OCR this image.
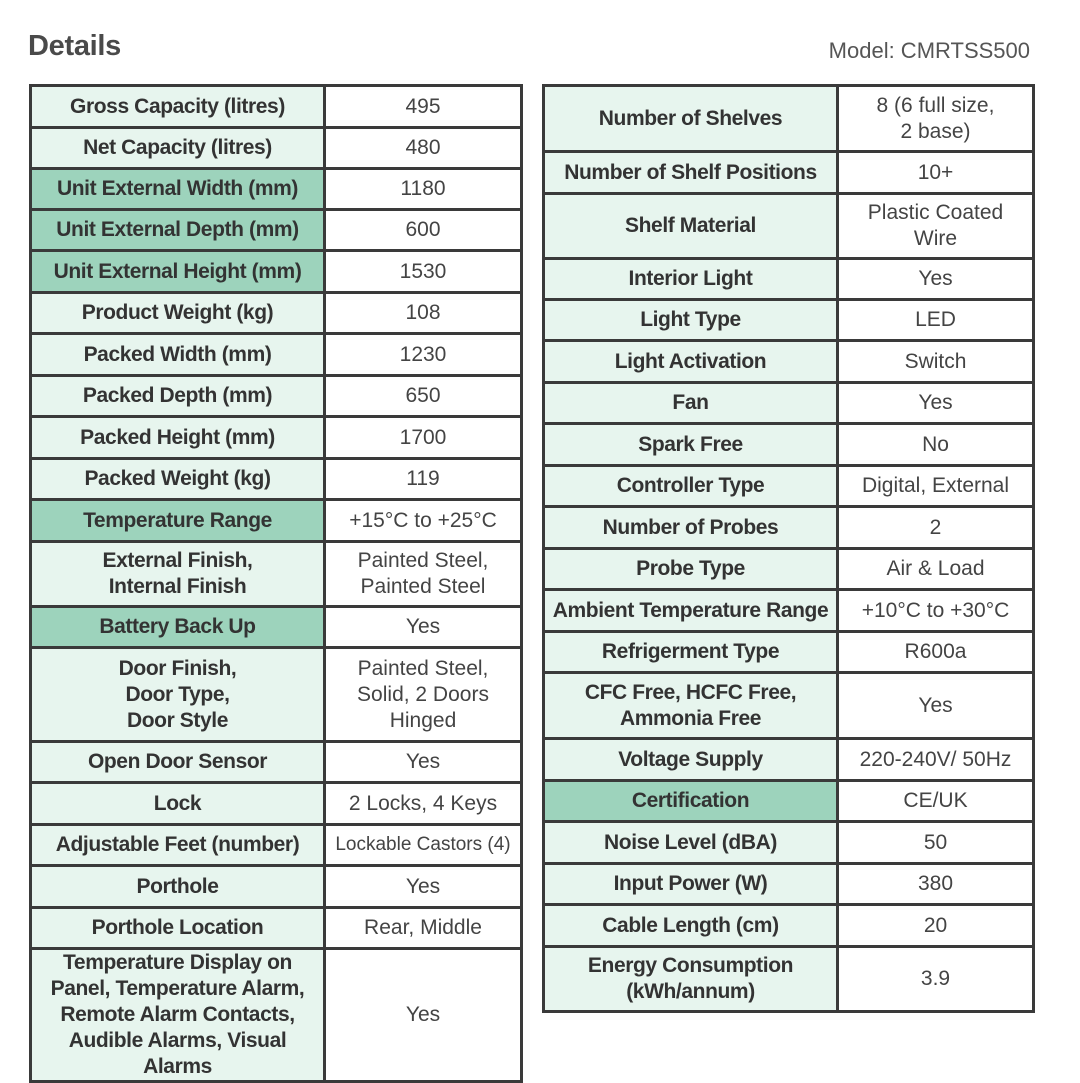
Details	Model: CMRTSS500
Gross Capacity (litres)	495
Net Capacity (litres)	480
Unit External Width (mm)	1180
Unit External Depth (mm)	600
Unit External Height (mm)	1530
Product Weight (kg)	108
Packed Width (mm)	1230
Packed Depth (mm)	650
Packed Height (mm)	1700
Packed Weight (kg)	119
Temperature Range	+15°C to +25°C
External Finish,
Internal Finish	Painted Steel,
Painted Steel
Battery Back Up	Yes
Door Finish,
Door Type,
Door Style	Painted Steel,
Solid, 2 Doors
Hinged
Open Door Sensor	Yes
Lock	2 Locks, 4 Keys
Adjustable Feet (number)	Lockable Castors (4)
Porthole	Yes
Porthole Location	Rear, Middle
Temperature Display on
Panel, Temperature Alarm,
Remote Alarm Contacts,
Audible Alarms, Visual Alarms	Yes
Number of Shelves	8 (6 full size,
2 base)
Number of Shelf Positions	10+
Shelf Material	Plastic Coated
Wire
Interior Light	Yes
Light Type	LED
Light Activation	Switch
Fan	Yes
Spark Free	No
Controller Type	Digital, External
Number of Probes	2
Probe Type	Air & Load
Ambient Temperature Range	+10°C to +30°C
Refrigerment Type	R600a
CFC Free, HCFC Free,
Ammonia Free	Yes
Voltage Supply	220-240V/ 50Hz
Certification	CE/UK
Noise Level (dBA)	50
Input Power (W)	380
Cable Length (cm)	20
Energy Consumption
(kWh/annum)	3.9
